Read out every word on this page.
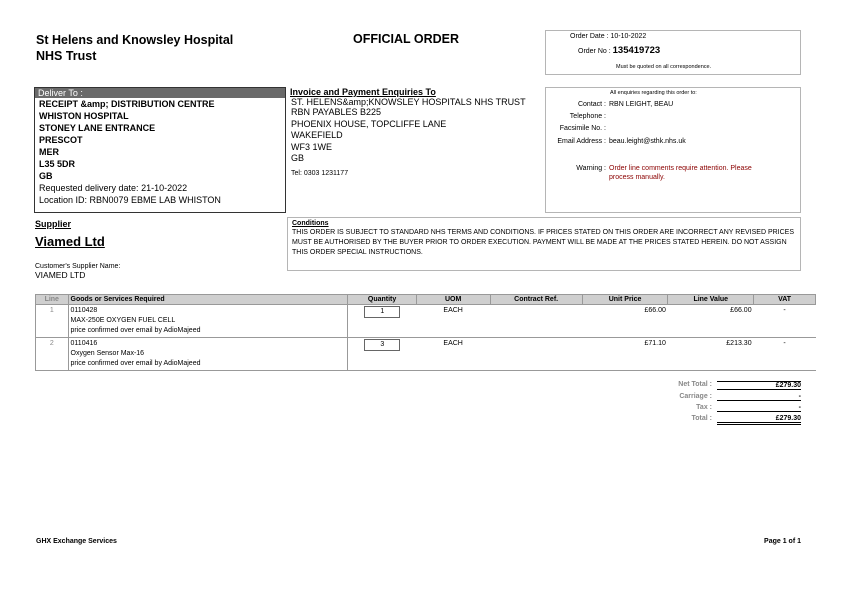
St Helens and Knowsley Hospital
NHS Trust
OFFICIAL ORDER	Order Date : 10-10-2022
Order No : 135419723
Must be quoted on all correspondence.
Deliver To :
RECEIPT &amp; DISTRIBUTION CENTRE
WHISTON HOSPITAL
STONEY LANE ENTRANCE
PRESCOT
MER
L35 5DR
GB
Requested delivery date: 21-10-2022
Location ID: RBN0079 EBME LAB WHISTON
Invoice and Payment Enquiries To
ST. HELENS&amp;KNOWSLEY HOSPITALS NHS TRUST
RBN PAYABLES B225
PHOENIX HOUSE, TOPCLIFFE LANE
WAKEFIELD
WF3 1WE
GB
Tel: 0303 1231177
All enquiries regarding this order to:
Contact : RBN LEIGHT, BEAU
Telephone :
Facsimile No. :
Email Address : beau.leight@sthk.nhs.uk
Warning : Order line comments require attention. Please
process manually.
Supplier
Viamed Ltd
Customer's Supplier Name:
VIAMED LTD
Conditions
THIS ORDER IS SUBJECT TO STANDARD NHS TERMS AND CONDITIONS. IF PRICES STATED ON THIS ORDER ARE INCORRECT ANY REVISED PRICES MUST BE AUTHORISED BY THE BUYER PRIOR TO ORDER EXECUTION. PAYMENT WILL BE MADE AT THE PRICES STATED HEREIN. DO NOT ASSIGN THIS ORDER SPECIAL INSTRUCTIONS.
Line	Goods or Services Required	Quantity	UOM	Contract Ref.	Unit Price	Line Value	VAT
1	0110428
MAX-250E OXYGEN FUEL CELL
price confirmed over email by AdioMajeed	1	EACH		£66.00	£66.00	-
2	0110416
Oxygen Sensor Max-16
price confirmed over email by AdioMajeed	3	EACH		£71.10	£213.30	-
Net Total :	£279.30
Carriage :	-
Tax :	-
Total :	£279.30
GHX Exchange Services	Page 1 of 1
